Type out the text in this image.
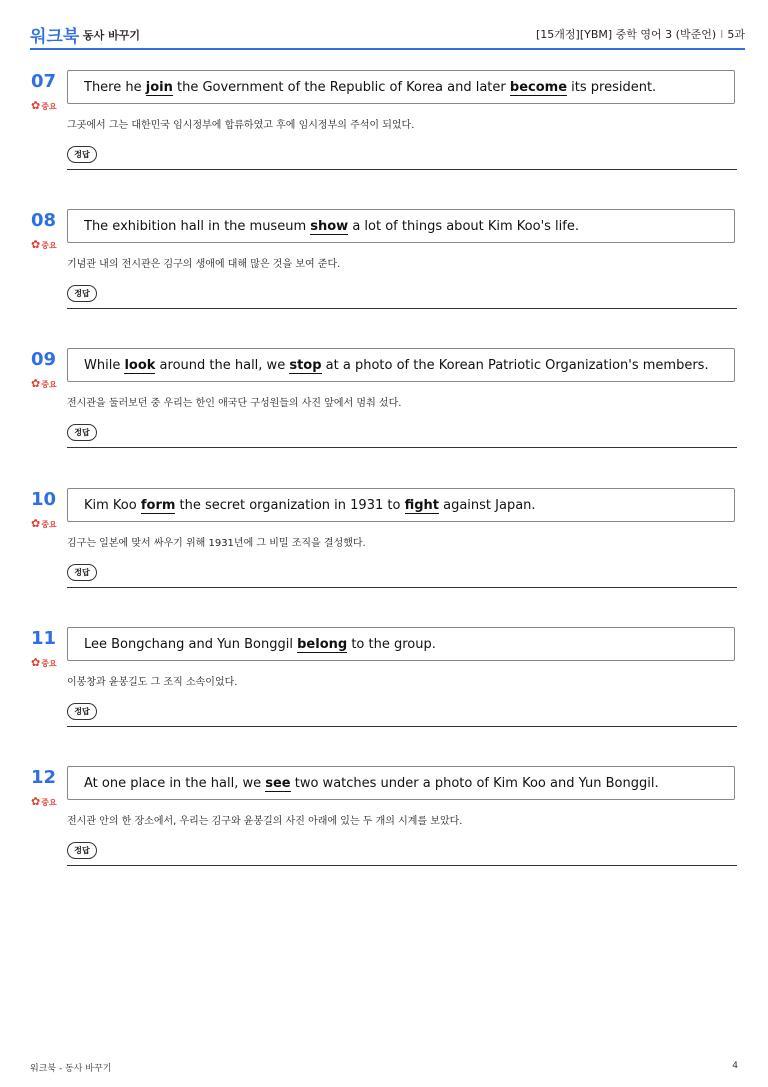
워크북 동사 바꾸기	[15개정][YBM] 중학 영어 3 (박준언) I 5과
07
✿중요
There he join the Government of the Republic of Korea and later become its president.
그곳에서 그는 대한민국 임시정부에 합류하였고 후에 임시정부의 주석이 되었다.
정답
08
✿중요
The exhibition hall in the museum show a lot of things about Kim Koo's life.
기념관 내의 전시관은 김구의 생애에 대해 많은 것을 보여 준다.
정답
09
✿중요
While look around the hall, we stop at a photo of the Korean Patriotic Organization's members.
전시관을 둘러보던 중 우리는 한인 애국단 구성원들의 사진 앞에서 멈춰 섰다.
정답
10
✿중요
Kim Koo form the secret organization in 1931 to fight against Japan.
김구는 일본에 맞서 싸우기 위해 1931년에 그 비밀 조직을 결성했다.
정답
11
✿중요
Lee Bongchang and Yun Bonggil belong to the group.
이봉창과 윤봉길도 그 조직 소속이었다.
정답
12
✿중요
At one place in the hall, we see two watches under a photo of Kim Koo and Yun Bonggil.
전시관 안의 한 장소에서, 우리는 김구와 윤봉길의 사진 아래에 있는 두 개의 시계를 보았다.
정답
워크북 - 동사 바꾸기	4
